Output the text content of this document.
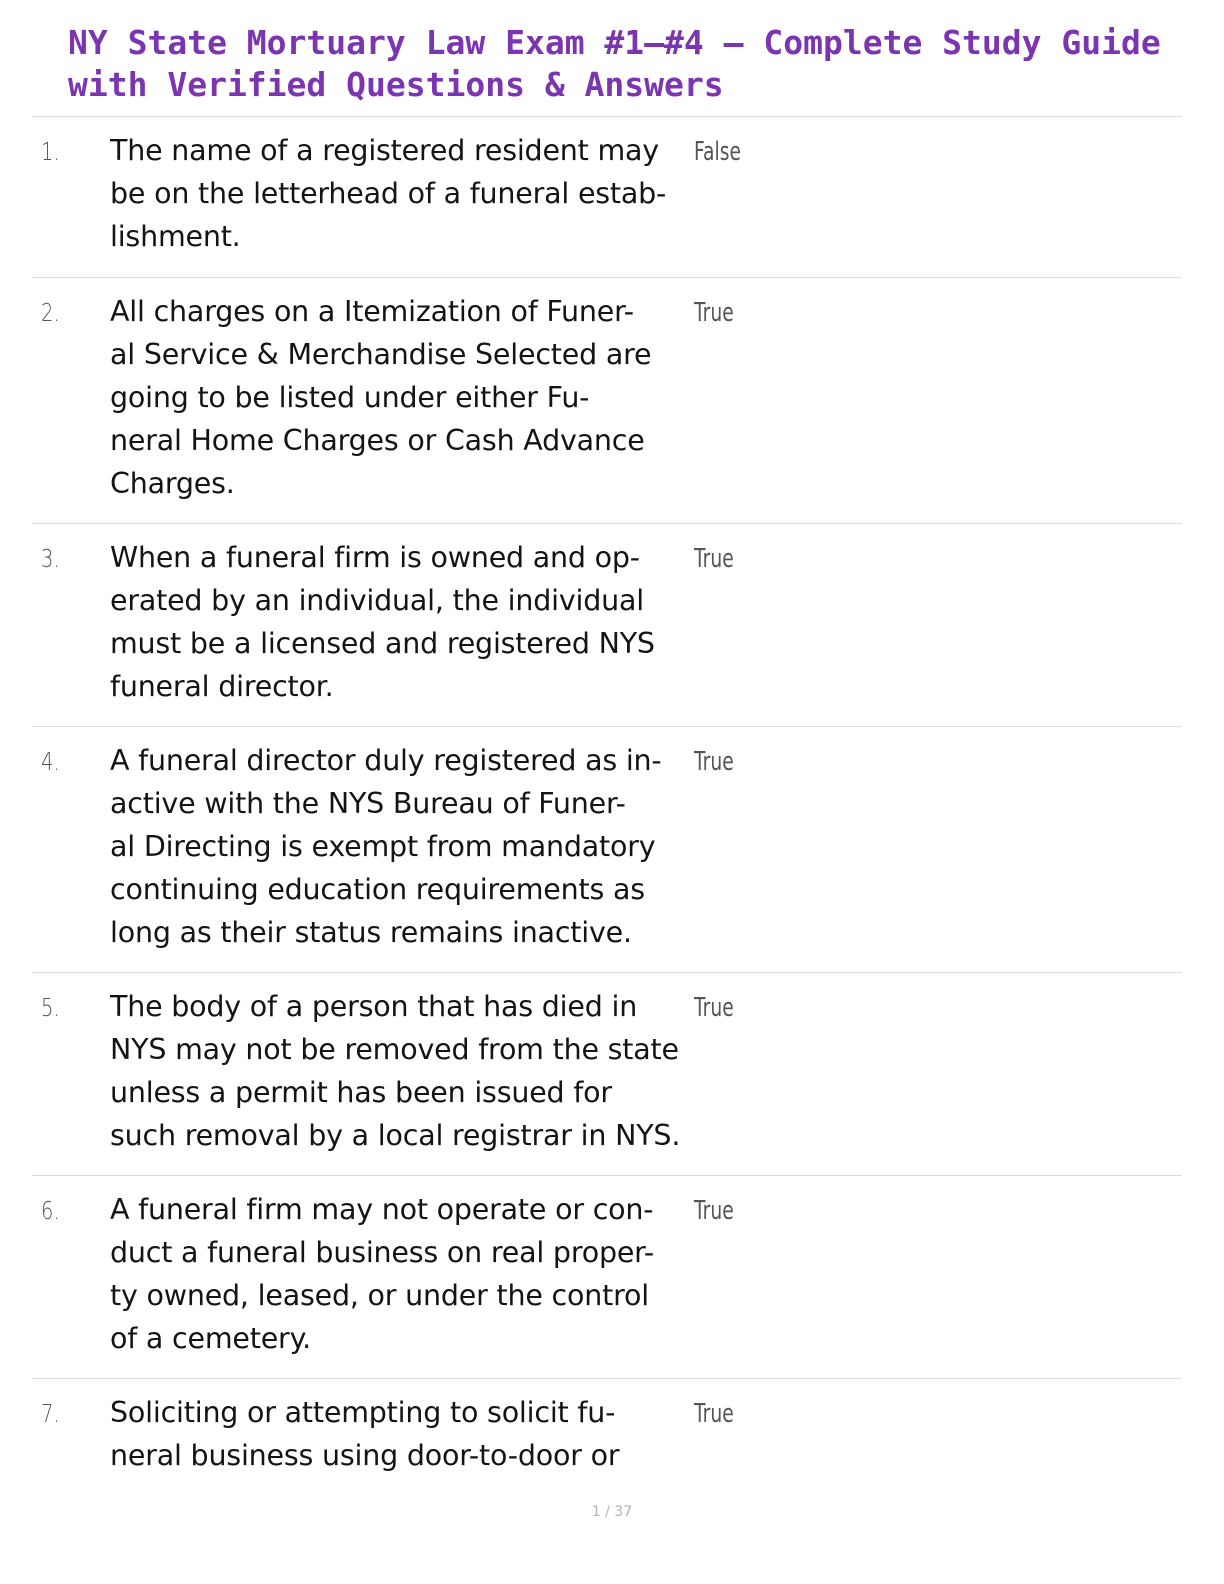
NY State Mortuary Law Exam #1–#4 – Complete Study Guide
with Verified Questions & Answers
1. The name of a registered resident may
be on the letterhead of a funeral estab-
lishment.
False
2. All charges on a Itemization of Funer-
al Service & Merchandise Selected are
going to be listed under either Fu-
neral Home Charges or Cash Advance
Charges.
True
3. When a funeral firm is owned and op-
erated by an individual, the individual
must be a licensed and registered NYS
funeral director.
True
4. A funeral director duly registered as in-
active with the NYS Bureau of Funer-
al Directing is exempt from mandatory
continuing education requirements as
long as their status remains inactive.
True
5. The body of a person that has died in
NYS may not be removed from the state
unless a permit has been issued for
such removal by a local registrar in NYS.
True
6. A funeral firm may not operate or con-
duct a funeral business on real proper-
ty owned, leased, or under the control
of a cemetery.
True
7. Soliciting or attempting to solicit fu-
neral business using door-to-door or
True
1 / 37
